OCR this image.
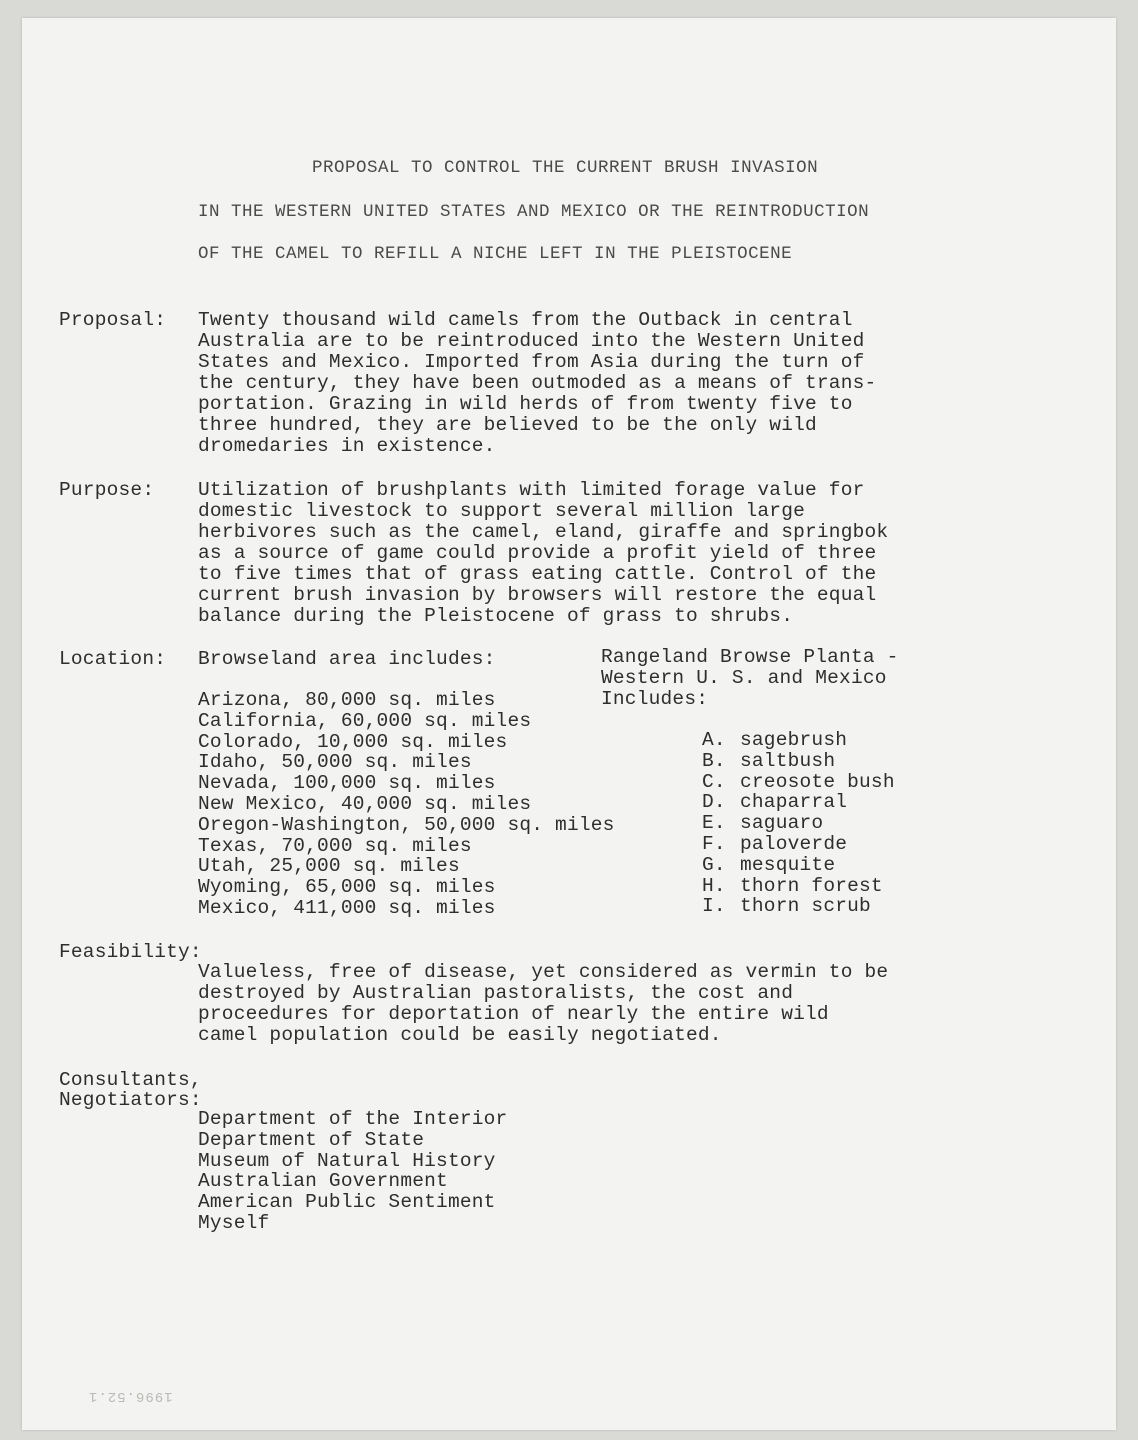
PROPOSAL TO CONTROL THE CURRENT BRUSH INVASION
IN THE WESTERN UNITED STATES AND MEXICO OR THE REINTRODUCTION
OF THE CAMEL TO REFILL A NICHE LEFT IN THE PLEISTOCENE
Proposal: Twenty thousand wild camels from the Outback in central
Australia are to be reintroduced into the Western United
States and Mexico. Imported from Asia during the turn of
the century, they have been outmoded as a means of trans-
portation. Grazing in wild herds of from twenty five to
three hundred, they are believed to be the only wild
dromedaries in existence.
Purpose: Utilization of brushplants with limited forage value for
domestic livestock to support several million large
herbivores such as the camel, eland, giraffe and springbok
as a source of game could provide a profit yield of three
to five times that of grass eating cattle. Control of the
current brush invasion by browsers will restore the equal
balance during the Pleistocene of grass to shrubs.
Location: Browseland area includes:
Arizona, 80,000 sq. miles
California, 60,000 sq. miles
Colorado, 10,000 sq. miles
Idaho, 50,000 sq. miles
Nevada, 100,000 sq. miles
New Mexico, 40,000 sq. miles
Oregon-Washington, 50,000 sq. miles
Texas, 70,000 sq. miles
Utah, 25,000 sq. miles
Wyoming, 65,000 sq. miles
Mexico, 411,000 sq. miles
Rangeland Browse Planta -
Western U. S. and Mexico
Includes:
A. sagebrush
B. saltbush
C. creosote bush
D. chaparral
E. saguaro
F. paloverde
G. mesquite
H. thorn forest
I. thorn scrub
Feasibility:
Valueless, free of disease, yet considered as vermin to be
destroyed by Australian pastoralists, the cost and
proceedures for deportation of nearly the entire wild
camel population could be easily negotiated.
Consultants,
Negotiators:
Department of the Interior
Department of State
Museum of Natural History
Australian Government
American Public Sentiment
Myself
1996.52.1
